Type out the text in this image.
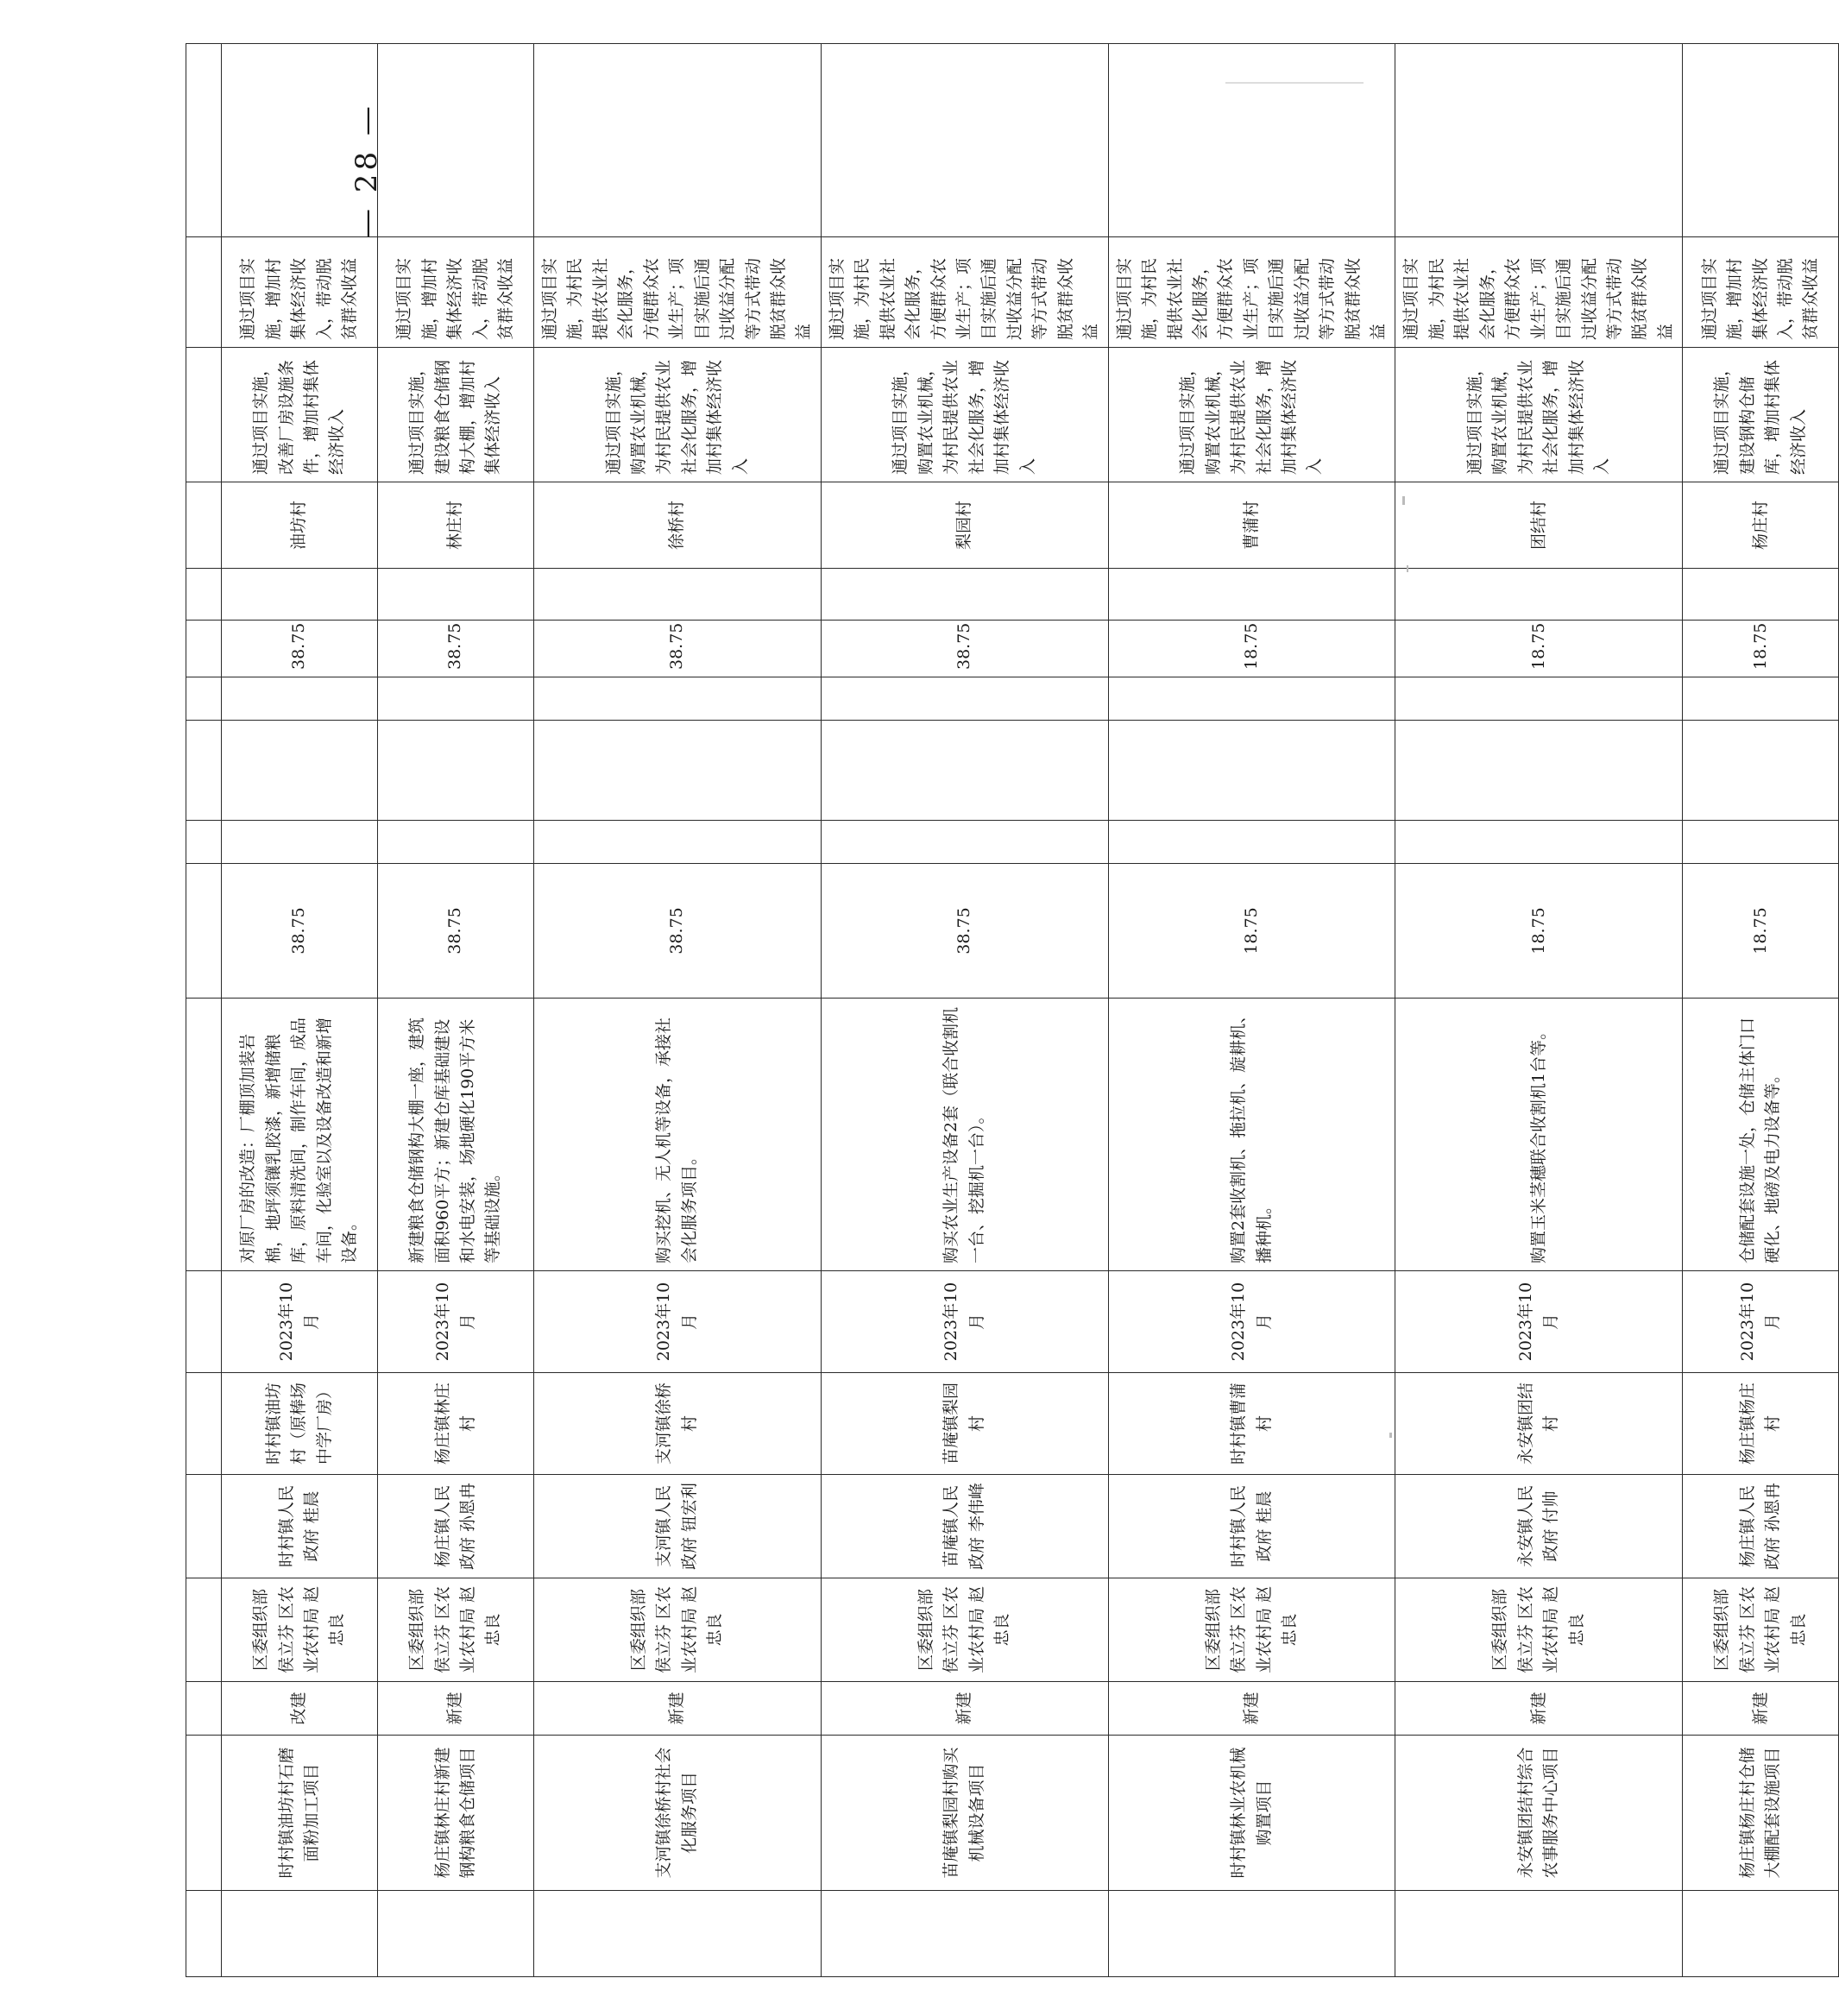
	时村镇油坊村石磨面粉加工项目	改建	区委组织部 侯立芬 区农业农村局 赵忠良	时村镇人民政府 桂晨	时村镇油坊村（原棒场中学厂房）	2023年10月	对原厂房的改造：厂棚顶加装岩棉，地坪须镶乳胶漆，新增储粮库，原料清洗间，制作车间，成品车间，化验室以及设备改造和新增设备。	38.75				38.75		油坊村	通过项目实施，改善厂房设施条件，增加村集体经济收入	通过项目实施，增加村集体经济收入，带动脱贫群众收益	
	杨庄镇林庄村新建钢构粮食仓储项目	新建	区委组织部 侯立芬 区农业农村局 赵忠良	杨庄镇人民政府 孙恩冉	杨庄镇林庄村	2023年10月	新建粮食仓储钢构大棚一座，建筑面积960平方；新建仓库基础建设和水电安装，场地硬化190平方米等基础设施。	38.75				38.75		林庄村	通过项目实施，建设粮食仓储钢构大棚，增加村集体经济收入	通过项目实施，增加村集体经济收入，带动脱贫群众收益	
	支河镇徐桥村社会化服务项目	新建	区委组织部 侯立芬 区农业农村局 赵忠良	支河镇人民政府 钮宏利	支河镇徐桥村	2023年10月	购买挖机、无人机等设备，承接社会化服务项目。	38.75				38.75		徐桥村	通过项目实施，购置农业机械，为村民提供农业社会化服务，增加村集体经济收入	通过项目实施，为村民提供农业社会化服务，方便群众农业生产；项目实施后通过收益分配等方式带动脱贫群众收益	
	苗庵镇梨园村购买机械设备项目	新建	区委组织部 侯立芬 区农业农村局 赵忠良	苗庵镇人民政府 李伟峰	苗庵镇梨园村	2023年10月	购买农业生产设备2套（联合收割机一台、挖掘机一台）。	38.75				38.75		梨园村	通过项目实施，购置农业机械，为村民提供农业社会化服务，增加村集体经济收入	通过项目实施，为村民提供农业社会化服务，方便群众农业生产；项目实施后通过收益分配等方式带动脱贫群众收益	
	时村镇林业农机械购置项目	新建	区委组织部 侯立芬 区农业农村局 赵忠良	时村镇人民政府 桂晨	时村镇曹蒲村	2023年10月	购置2套收割机、拖拉机、旋耕机、播种机。	18.75				18.75		曹蒲村	通过项目实施，购置农业机械，为村民提供农业社会化服务，增加村集体经济收入	通过项目实施，为村民提供农业社会化服务，方便群众农业生产；项目实施后通过收益分配等方式带动脱贫群众收益	
	永安镇团结村综合农事服务中心项目	新建	区委组织部 侯立芬 区农业农村局 赵忠良	永安镇人民政府 付帅	永安镇团结村	2023年10月	购置玉米茎穗联合收割机1台等。	18.75				18.75		团结村	通过项目实施，购置农业机械，为村民提供农业社会化服务，增加村集体经济收入	通过项目实施，为村民提供农业社会化服务，方便群众农业生产；项目实施后通过收益分配等方式带动脱贫群众收益	
	杨庄镇杨庄村仓储大棚配套设施项目	新建	区委组织部 侯立芬 区农业农村局 赵忠良	杨庄镇人民政府 孙恩冉	杨庄镇杨庄村	2023年10月	仓储配套设施一处，仓储主体门口硬化、地磅及电力设备等。	18.75				18.75		杨庄村	通过项目实施，建设钢构仓储库，增加村集体经济收入	通过项目实施，增加村集体经济收入，带动脱贫群众收益	
— 28 —
